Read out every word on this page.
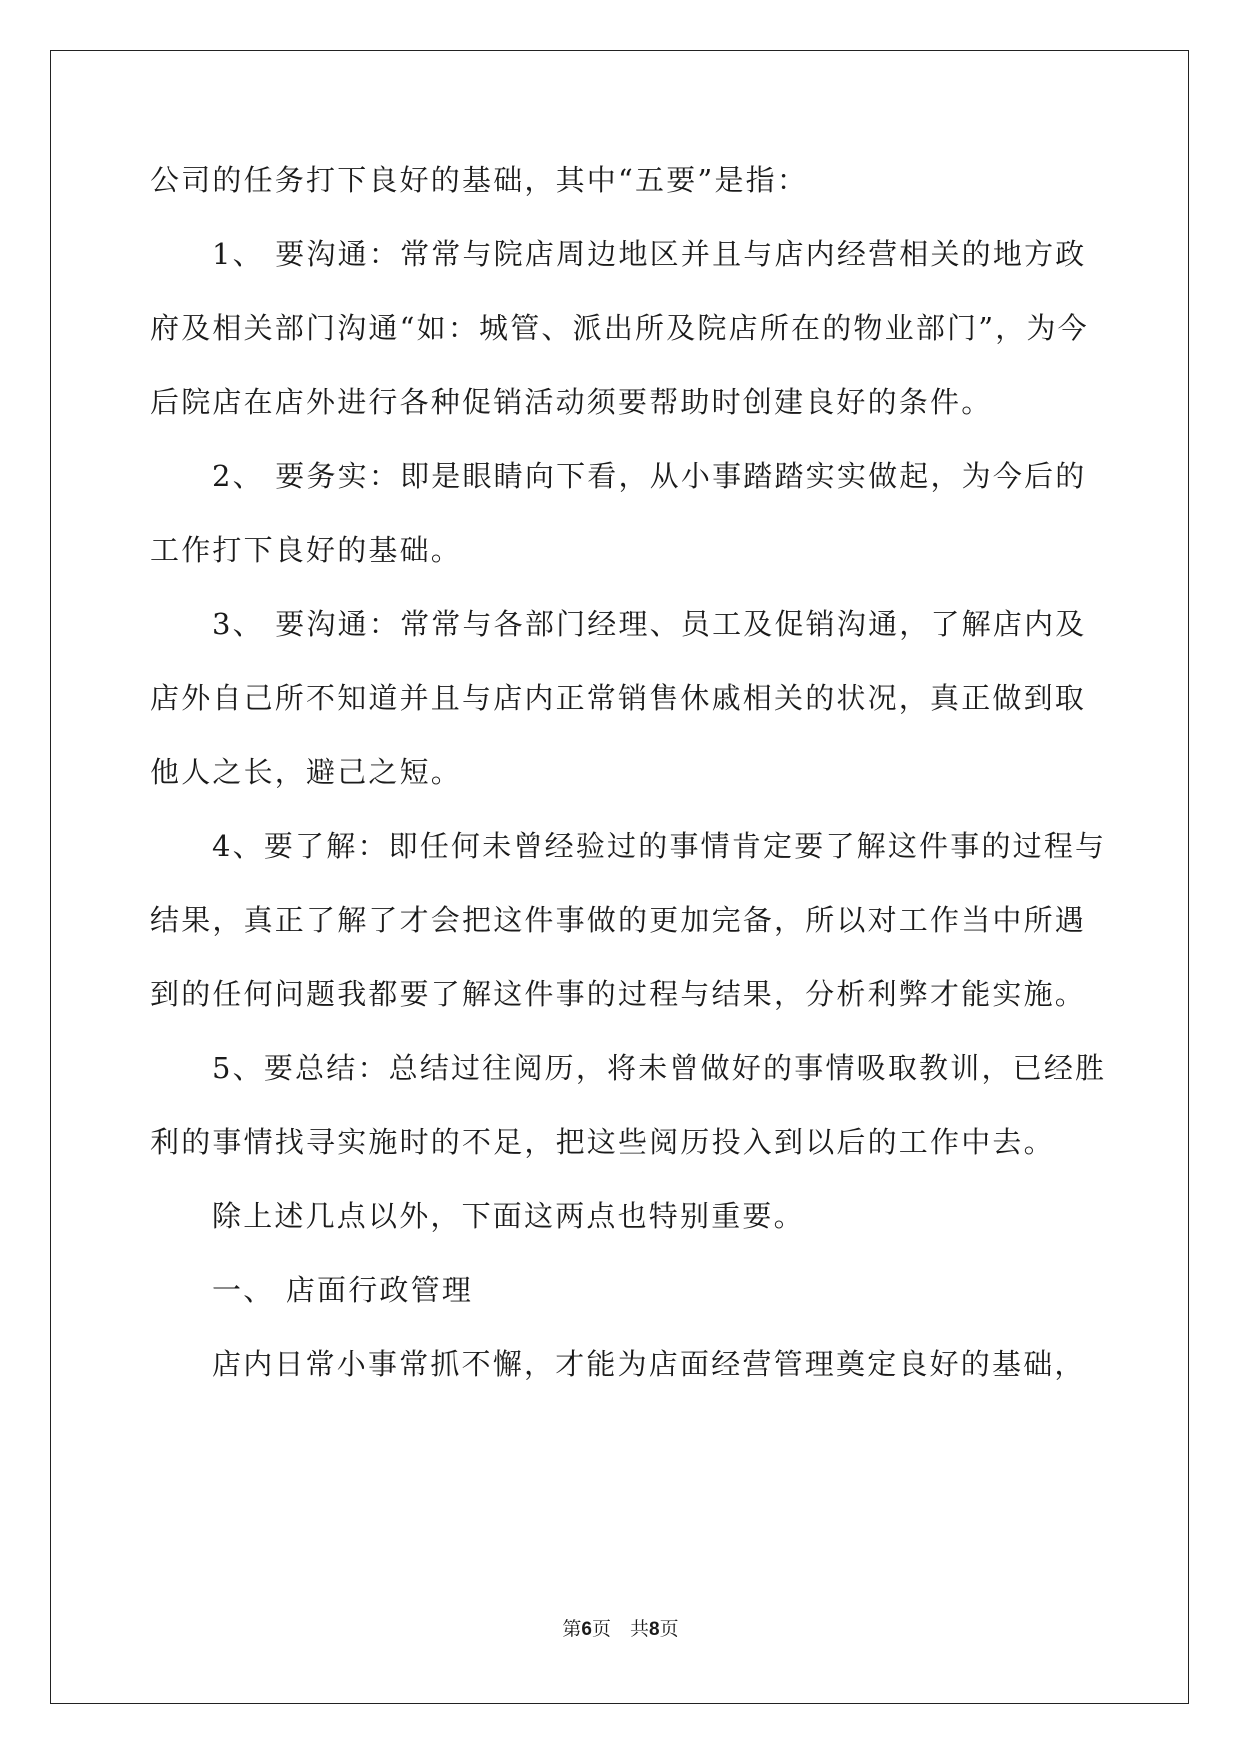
公司的任务打下良好的基础，其中“五要”是指：
1、 要沟通：常常与院店周边地区并且与店内经营相关的地方政
府及相关部门沟通“如：城管、派出所及院店所在的物业部门”，为今
后院店在店外进行各种促销活动须要帮助时创建良好的条件。
2、 要务实：即是眼睛向下看，从小事踏踏实实做起，为今后的
工作打下良好的基础。
3、 要沟通：常常与各部门经理、员工及促销沟通，了解店内及
店外自己所不知道并且与店内正常销售休戚相关的状况，真正做到取
他人之长，避己之短。
4、要了解：即任何未曾经验过的事情肯定要了解这件事的过程与
结果，真正了解了才会把这件事做的更加完备，所以对工作当中所遇
到的任何问题我都要了解这件事的过程与结果，分析利弊才能实施。
5、要总结：总结过往阅历，将未曾做好的事情吸取教训，已经胜
利的事情找寻实施时的不足，把这些阅历投入到以后的工作中去。
除上述几点以外，下面这两点也特别重要。
一、 店面行政管理
店内日常小事常抓不懈，才能为店面经营管理奠定良好的基础，
第6页　共8页
